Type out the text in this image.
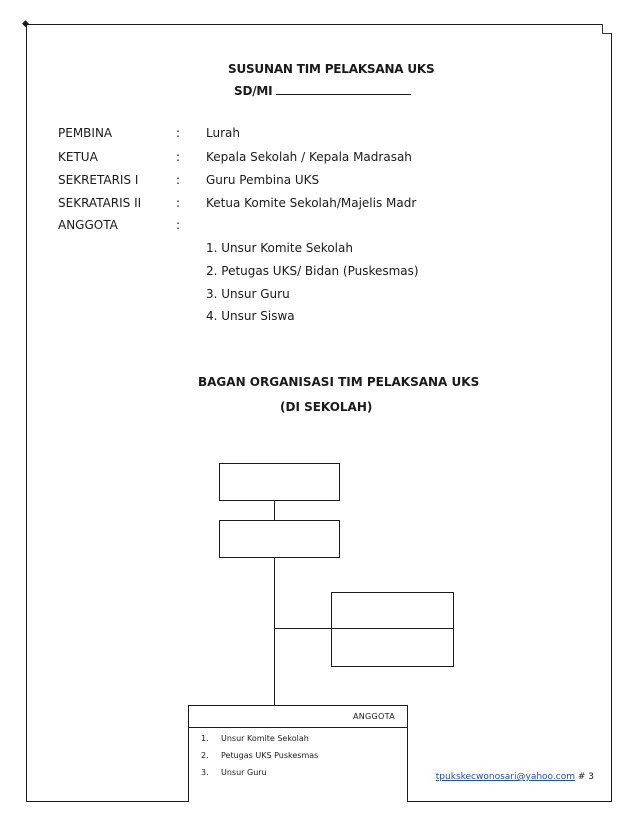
◆
SUSUNAN TIM PELAKSANA UKS
SD/MI
PEMBINA	: Lurah
KETUA	: Kepala Sekolah / Kepala Madrasah
SEKRETARIS I	: Guru Pembina UKS
SEKRATARIS II	: Ketua Komite Sekolah/Majelis Madr
ANGGOTA	:
1. Unsur Komite Sekolah
2. Petugas UKS/ Bidan (Puskesmas)
3. Unsur Guru
4. Unsur Siswa
BAGAN ORGANISASI TIM PELAKSANA UKS
(DI SEKOLAH)
ANGGOTA
1. Unsur Komite Sekolah
2. Petugas UKS Puskesmas
3. Unsur Guru	tpukskecwonosari@yahoo.com # 3
